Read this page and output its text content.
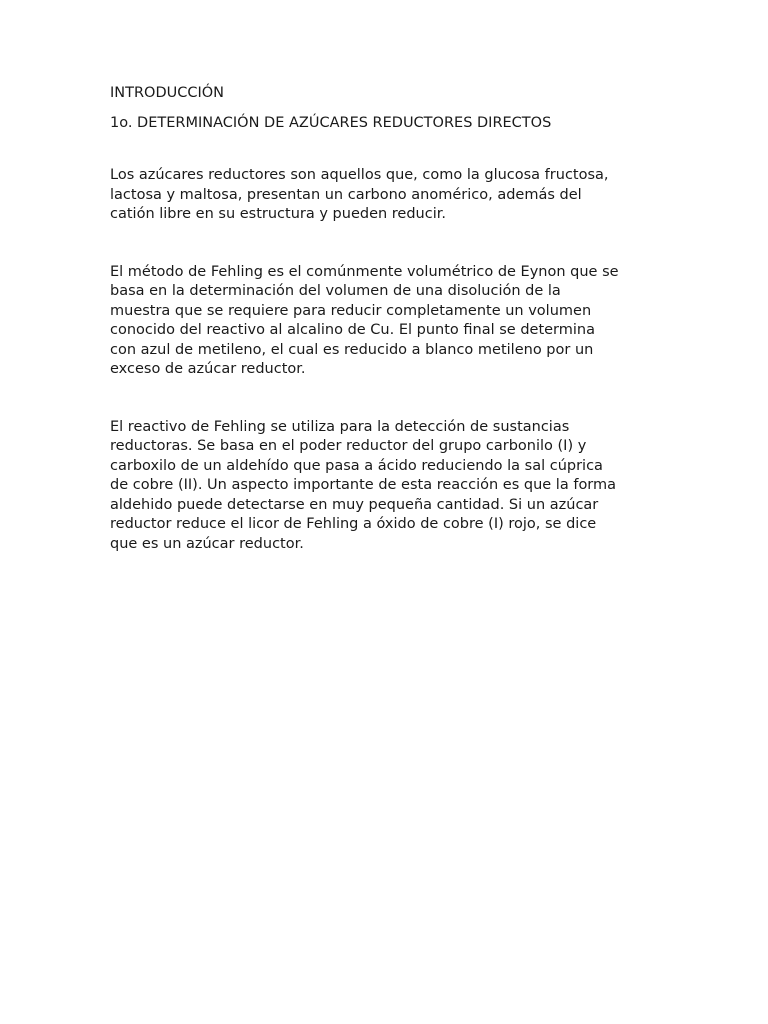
INTRODUCCIÓN

1o. DETERMINACIÓN DE AZÚCARES REDUCTORES DIRECTOS

Los azúcares reductores son aquellos que, como la glucosa fructosa,
lactosa y maltosa, presentan un carbono anomérico, además del
catión libre en su estructura y pueden reducir.

El método de Fehling es el comúnmente volumétrico de Eynon que se
basa en la determinación del volumen de una disolución de la
muestra que se requiere para reducir completamente un volumen
conocido del reactivo al alcalino de Cu. El punto final se determina
con azul de metileno, el cual es reducido a blanco metileno por un
exceso de azúcar reductor.

El reactivo de Fehling se utiliza para la detección de sustancias
reductoras. Se basa en el poder reductor del grupo carbonilo (I) y
carboxilo de un aldehído que pasa a ácido reduciendo la sal cúprica
de cobre (II). Un aspecto importante de esta reacción es que la forma
aldehido puede detectarse en muy pequeña cantidad. Si un azúcar
reductor reduce el licor de Fehling a óxido de cobre (I) rojo, se dice
que es un azúcar reductor.
